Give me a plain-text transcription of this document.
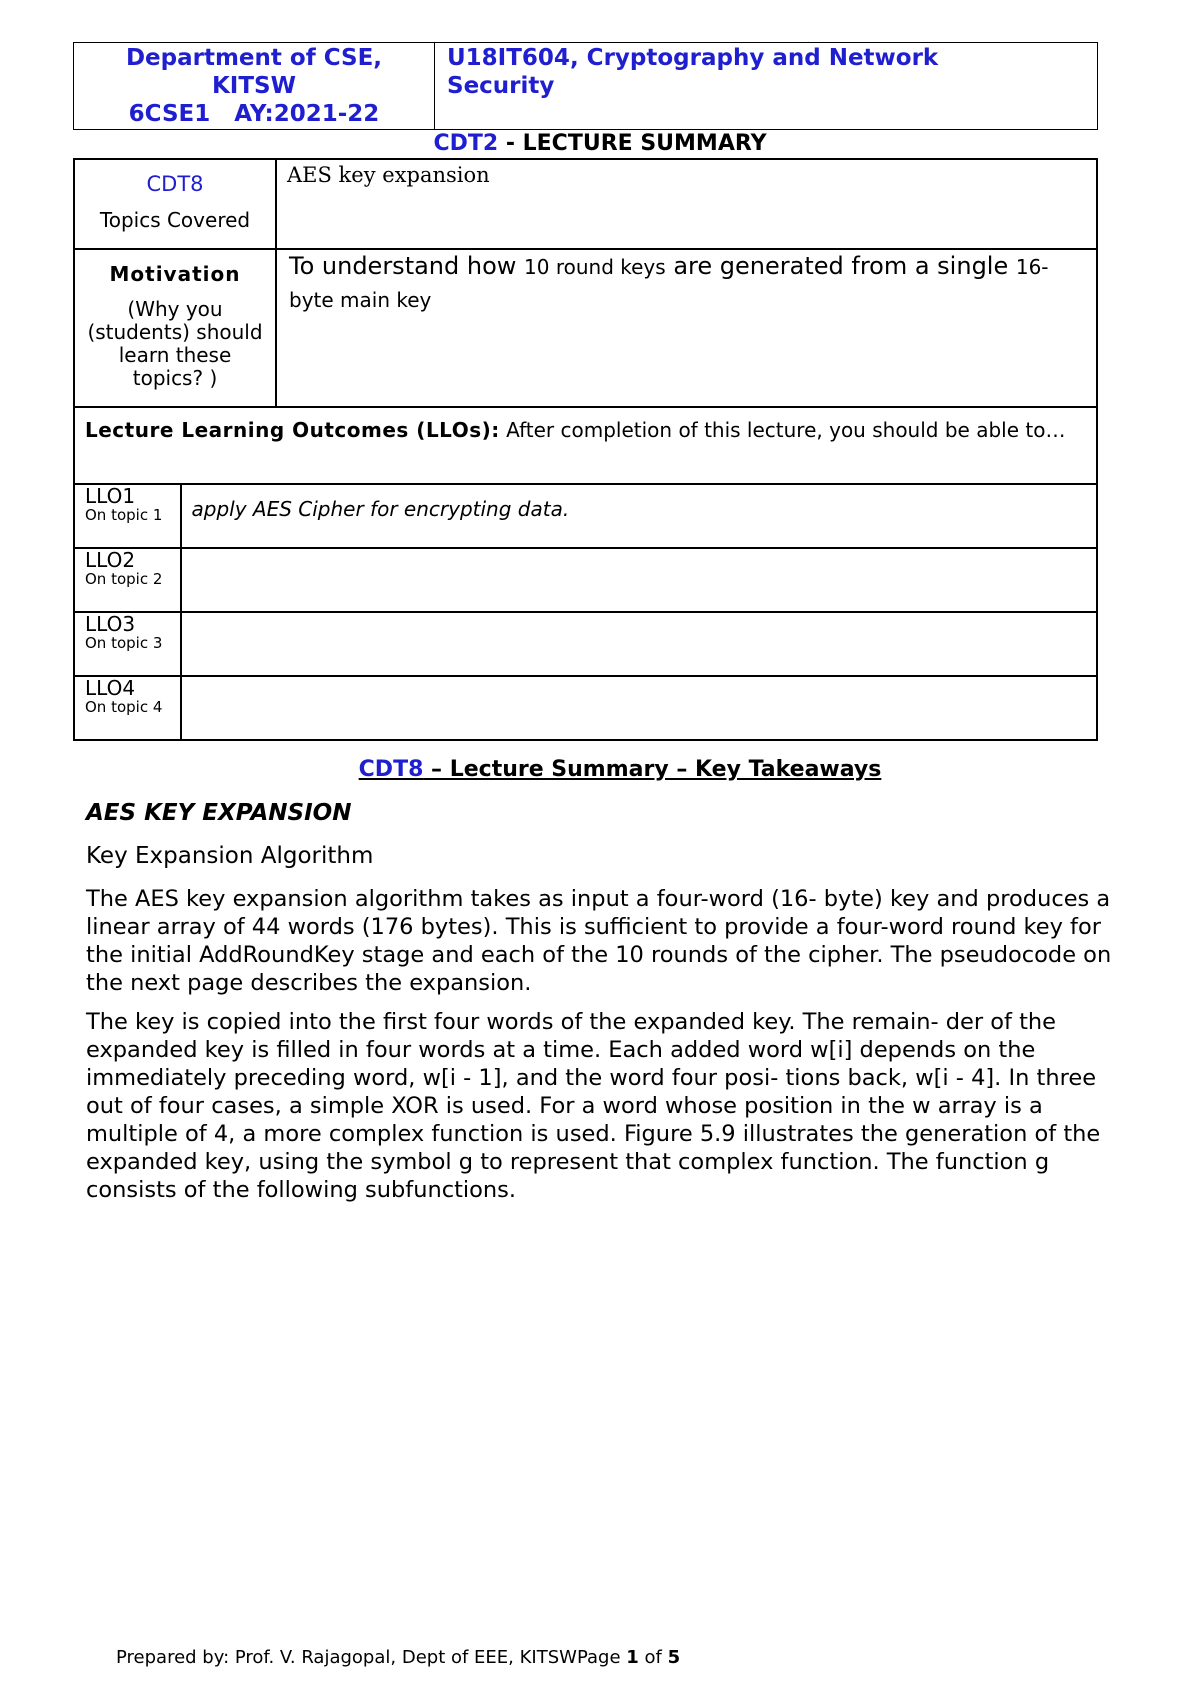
Department of CSE,
KITSW
6CSE1   AY:2021-22

U18IT604, Cryptography and Network Security
CDT2 - LECTURE SUMMARY
CDT8
Topics Covered		AES key expansion	

Motivation
(Why you (students) should learn these topics? )		To understand how 10 round keys are generated from a single 16-byte main key	

Lecture Learning Outcomes (LLOs): After completion of this lecture, you should be able to…			

LLO1
On topic 1	apply AES Cipher for encrypting data.		

LLO2
On topic 2			

LLO3
On topic 3			

LLO4
On topic 4			

CDT8 – Lecture Summary – Key Takeaways
AES KEY EXPANSION
Key Expansion Algorithm
The AES key expansion algorithm takes as input a four-word (16- byte) key and produces a linear array of 44 words (176 bytes). This is sufficient to provide a four-word round key for the initial AddRoundKey stage and each of the 10 rounds of the cipher. The pseudocode on the next page describes the expansion.
The key is copied into the first four words of the expanded key. The remain- der of the expanded key is filled in four words at a time. Each added word w[i] depends on the immediately preceding word, w[i - 1], and the word four posi- tions back, w[i - 4]. In three out of four cases, a simple XOR is used. For a word whose position in the w array is a multiple of 4, a more complex function is used. Figure 5.9 illustrates the generation of the expanded key, using the symbol g to represent that complex function. The function g consists of the following subfunctions.
Prepared by: Prof. V. Rajagopal, Dept of EEE, KITSWPage 1 of 5
